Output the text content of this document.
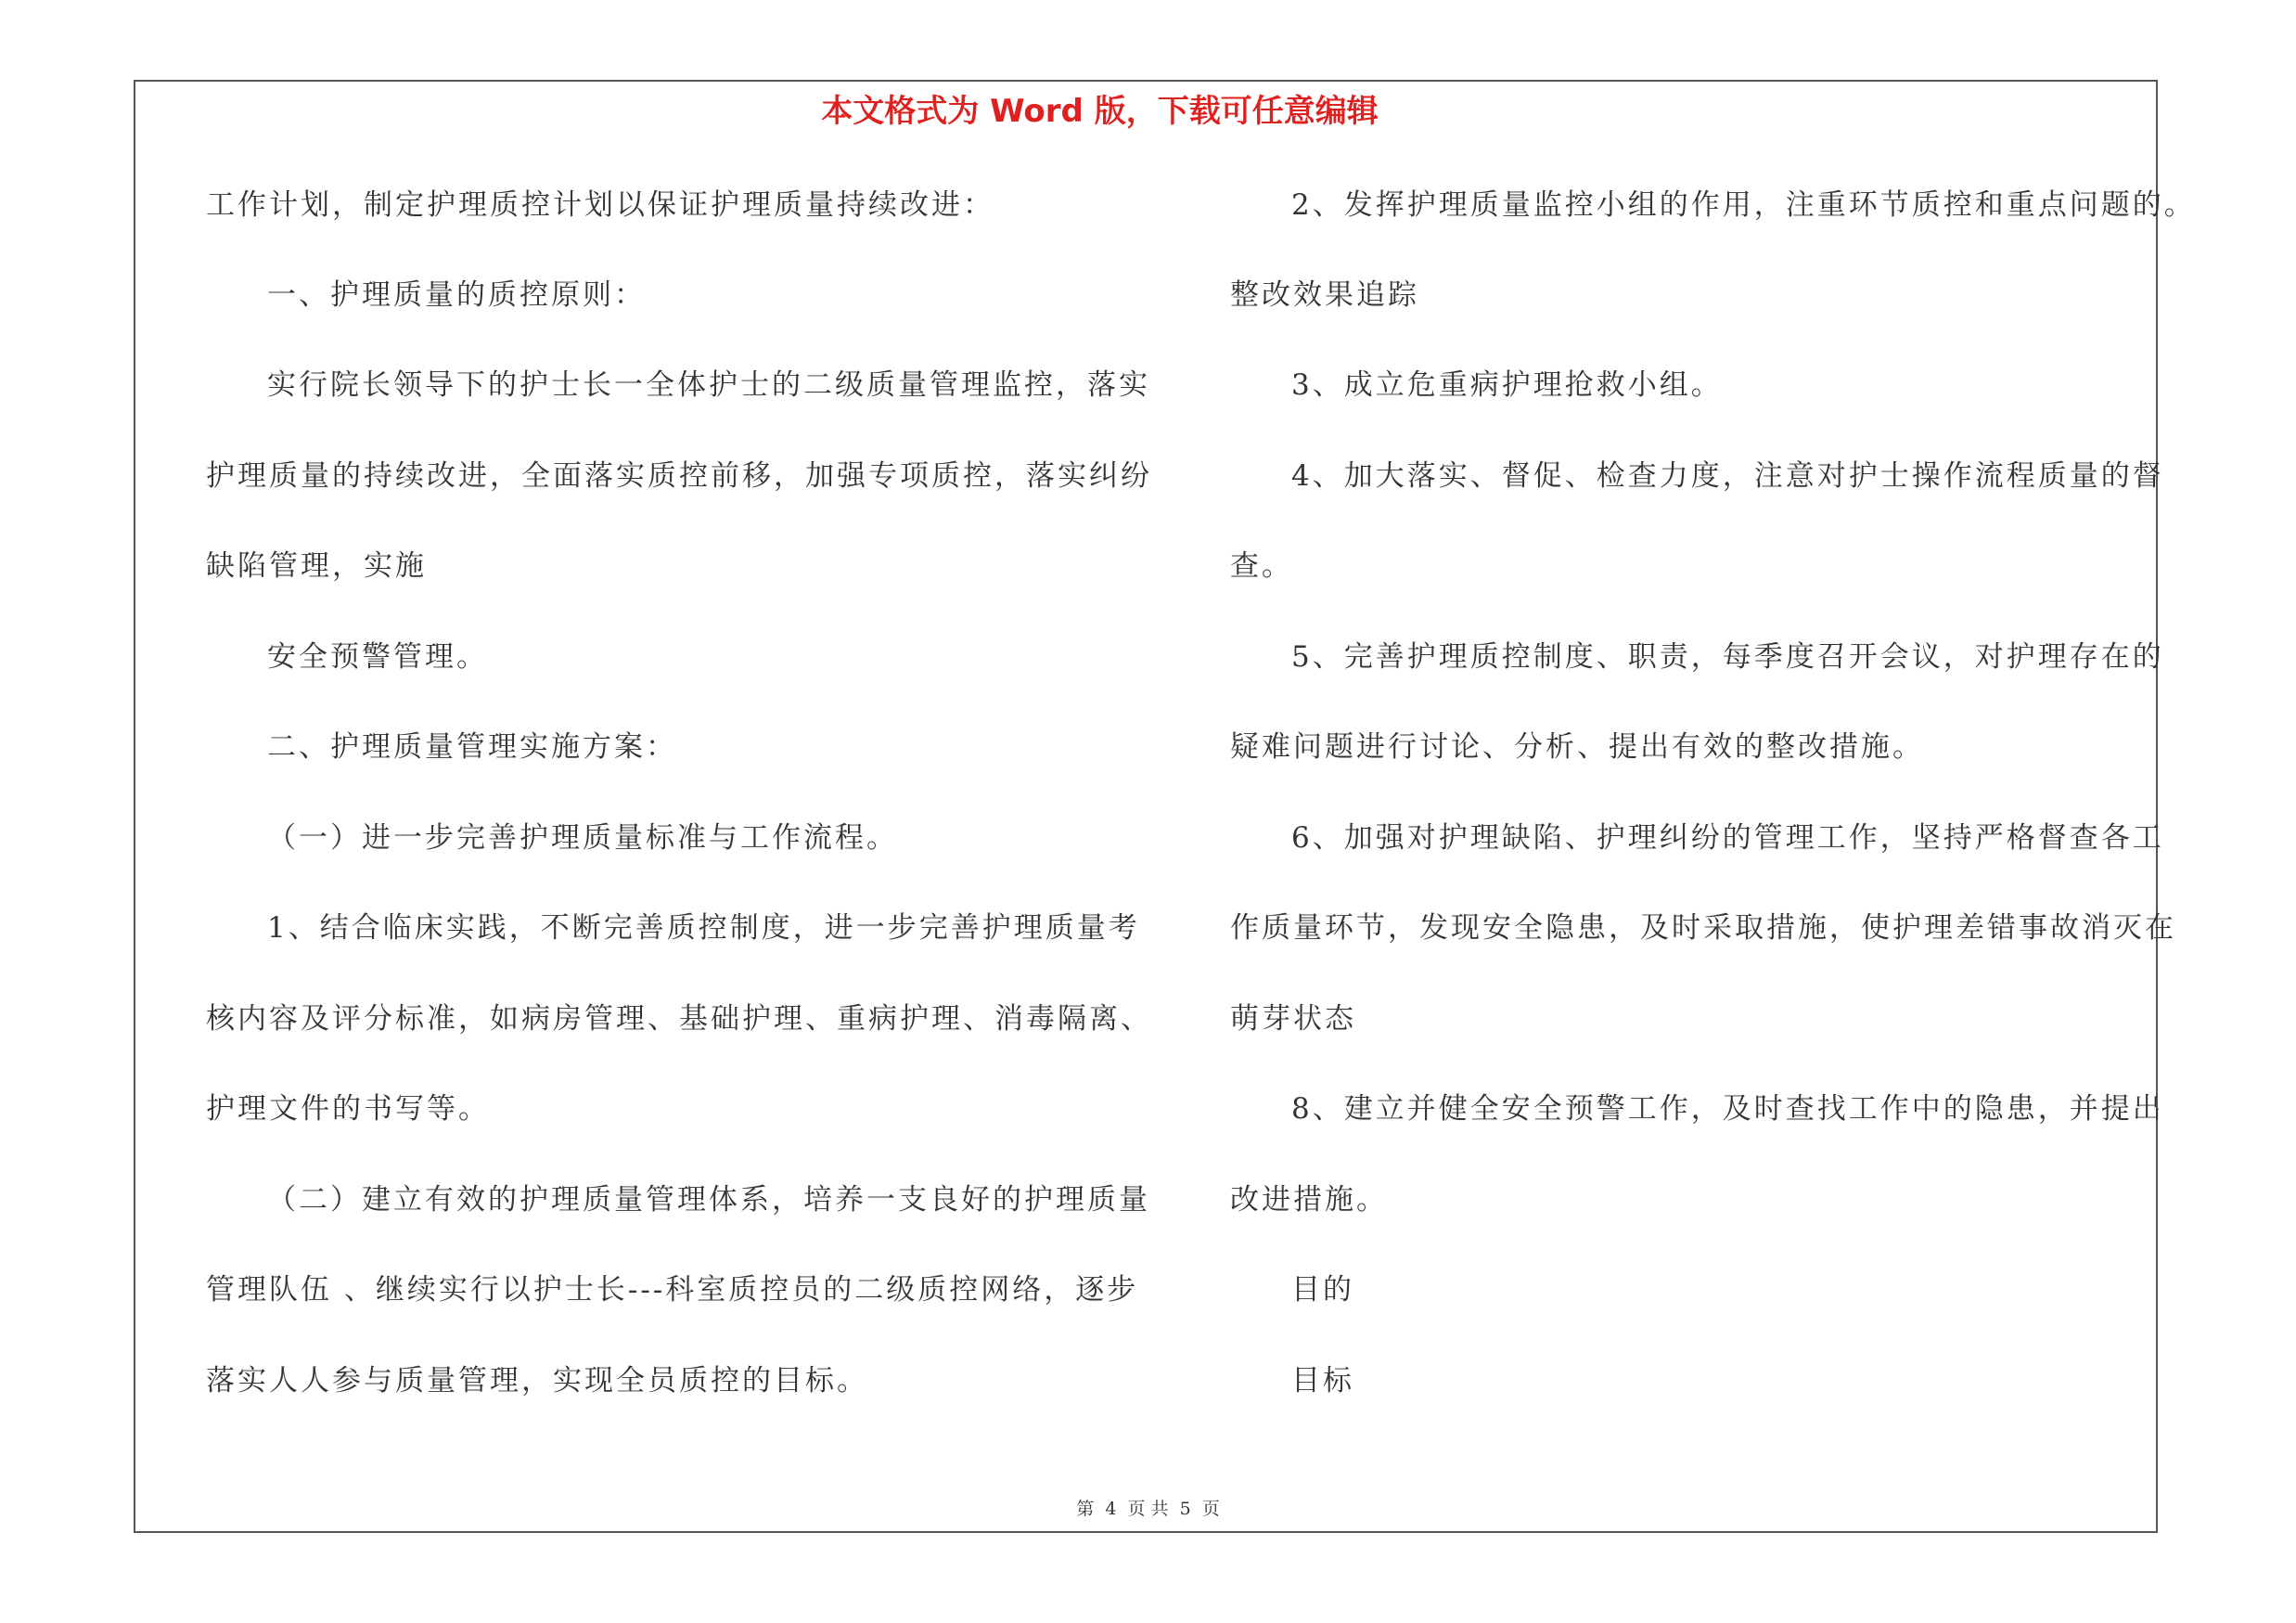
本文格式为 Word 版，下载可任意编辑
工作计划，制定护理质控计划以保证护理质量持续改进：
一、护理质量的质控原则：
实行院长领导下的护士长一全体护士的二级质量管理监控，落实
护理质量的持续改进，全面落实质控前移，加强专项质控，落实纠纷
缺陷管理，实施
安全预警管理。
二、护理质量管理实施方案：
（一）进一步完善护理质量标准与工作流程。
1、结合临床实践，不断完善质控制度，进一步完善护理质量考
核内容及评分标准，如病房管理、基础护理、重病护理、消毒隔离、
护理文件的书写等。
（二）建立有效的护理质量管理体系，培养一支良好的护理质量
管理队伍 、继续实行以护士长---科室质控员的二级质控网络，逐步
落实人人参与质量管理，实现全员质控的目标。
2、发挥护理质量监控小组的作用，注重环节质控和重点问题的。
整改效果追踪
3、成立危重病护理抢救小组。
4、加大落实、督促、检查力度，注意对护士操作流程质量的督
查。
5、完善护理质控制度、职责，每季度召开会议，对护理存在的
疑难问题进行讨论、分析、提出有效的整改措施。
6、加强对护理缺陷、护理纠纷的管理工作，坚持严格督查各工
作质量环节，发现安全隐患，及时采取措施，使护理差错事故消灭在
萌芽状态
8、建立并健全安全预警工作，及时查找工作中的隐患，并提出
改进措施。
目的
目标
第 4 页 共 5 页
